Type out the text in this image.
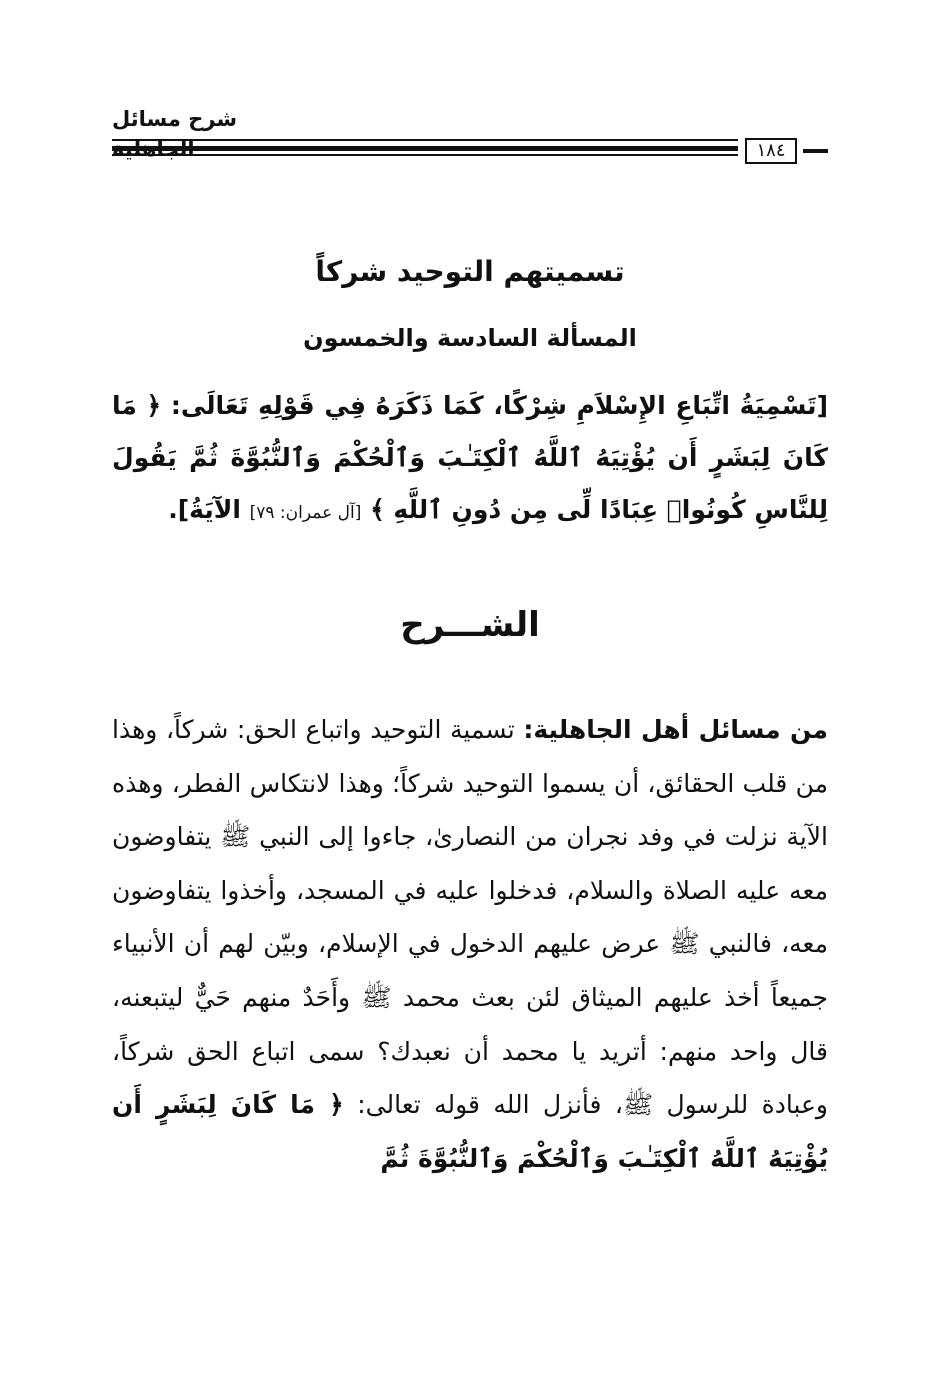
شرح مسائل
١٨٤
تسميتهم التوحيد شركاً
المسألة السادسة والخمسون
[تَسْمِيَةُ اتِّبَاعِ الإِسْلاَمِ شِرْكًا، كَمَا ذَكَرَهُ فِي قَوْلِهِ تَعَالَى: ﴿ مَا كَانَ لِبَشَرٍ أَن يُؤْتِيَهُ ٱللَّهُ ٱلْكِتَـٰبَ وَٱلْحُكْمَ وَٱلنُّبُوَّةَ ثُمَّ يَقُولَ لِلنَّاسِ كُونُوا۟ عِبَادًا لِّى مِن دُونِ ٱللَّهِ ﴾ [آل عمران: ٧٩] الآيَةُ].
الشـــرح
من مسائل أهل الجاهلية: تسمية التوحيد واتباع الحق: شركاً، وهذا من قلب الحقائق، أن يسموا التوحيد شركاً؛ وهذا لانتكاس الفطر، وهذه الآية نزلت في وفد نجران من النصارىٰ، جاءوا إلى النبي ﷺ يتفاوضون معه عليه الصلاة والسلام، فدخلوا عليه في المسجد، وأخذوا يتفاوضون معه، فالنبي ﷺ عرض عليهم الدخول في الإسلام، وبيّن لهم أن الأنبياء جميعاً أخذ عليهم الميثاق لئن بعث محمد ﷺ وأَحَدٌ منهم حَيٌّ ليتبعنه، قال واحد منهم: أتريد يا محمد أن نعبدك؟ سمى اتباع الحق شركاً، وعبادة للرسول ﷺ، فأنزل الله قوله تعالى: ﴿ مَا كَانَ لِبَشَرٍ أَن يُؤْتِيَهُ ٱللَّهُ ٱلْكِتَـٰبَ وَٱلْحُكْمَ وَٱلنُّبُوَّةَ ثُمَّ
